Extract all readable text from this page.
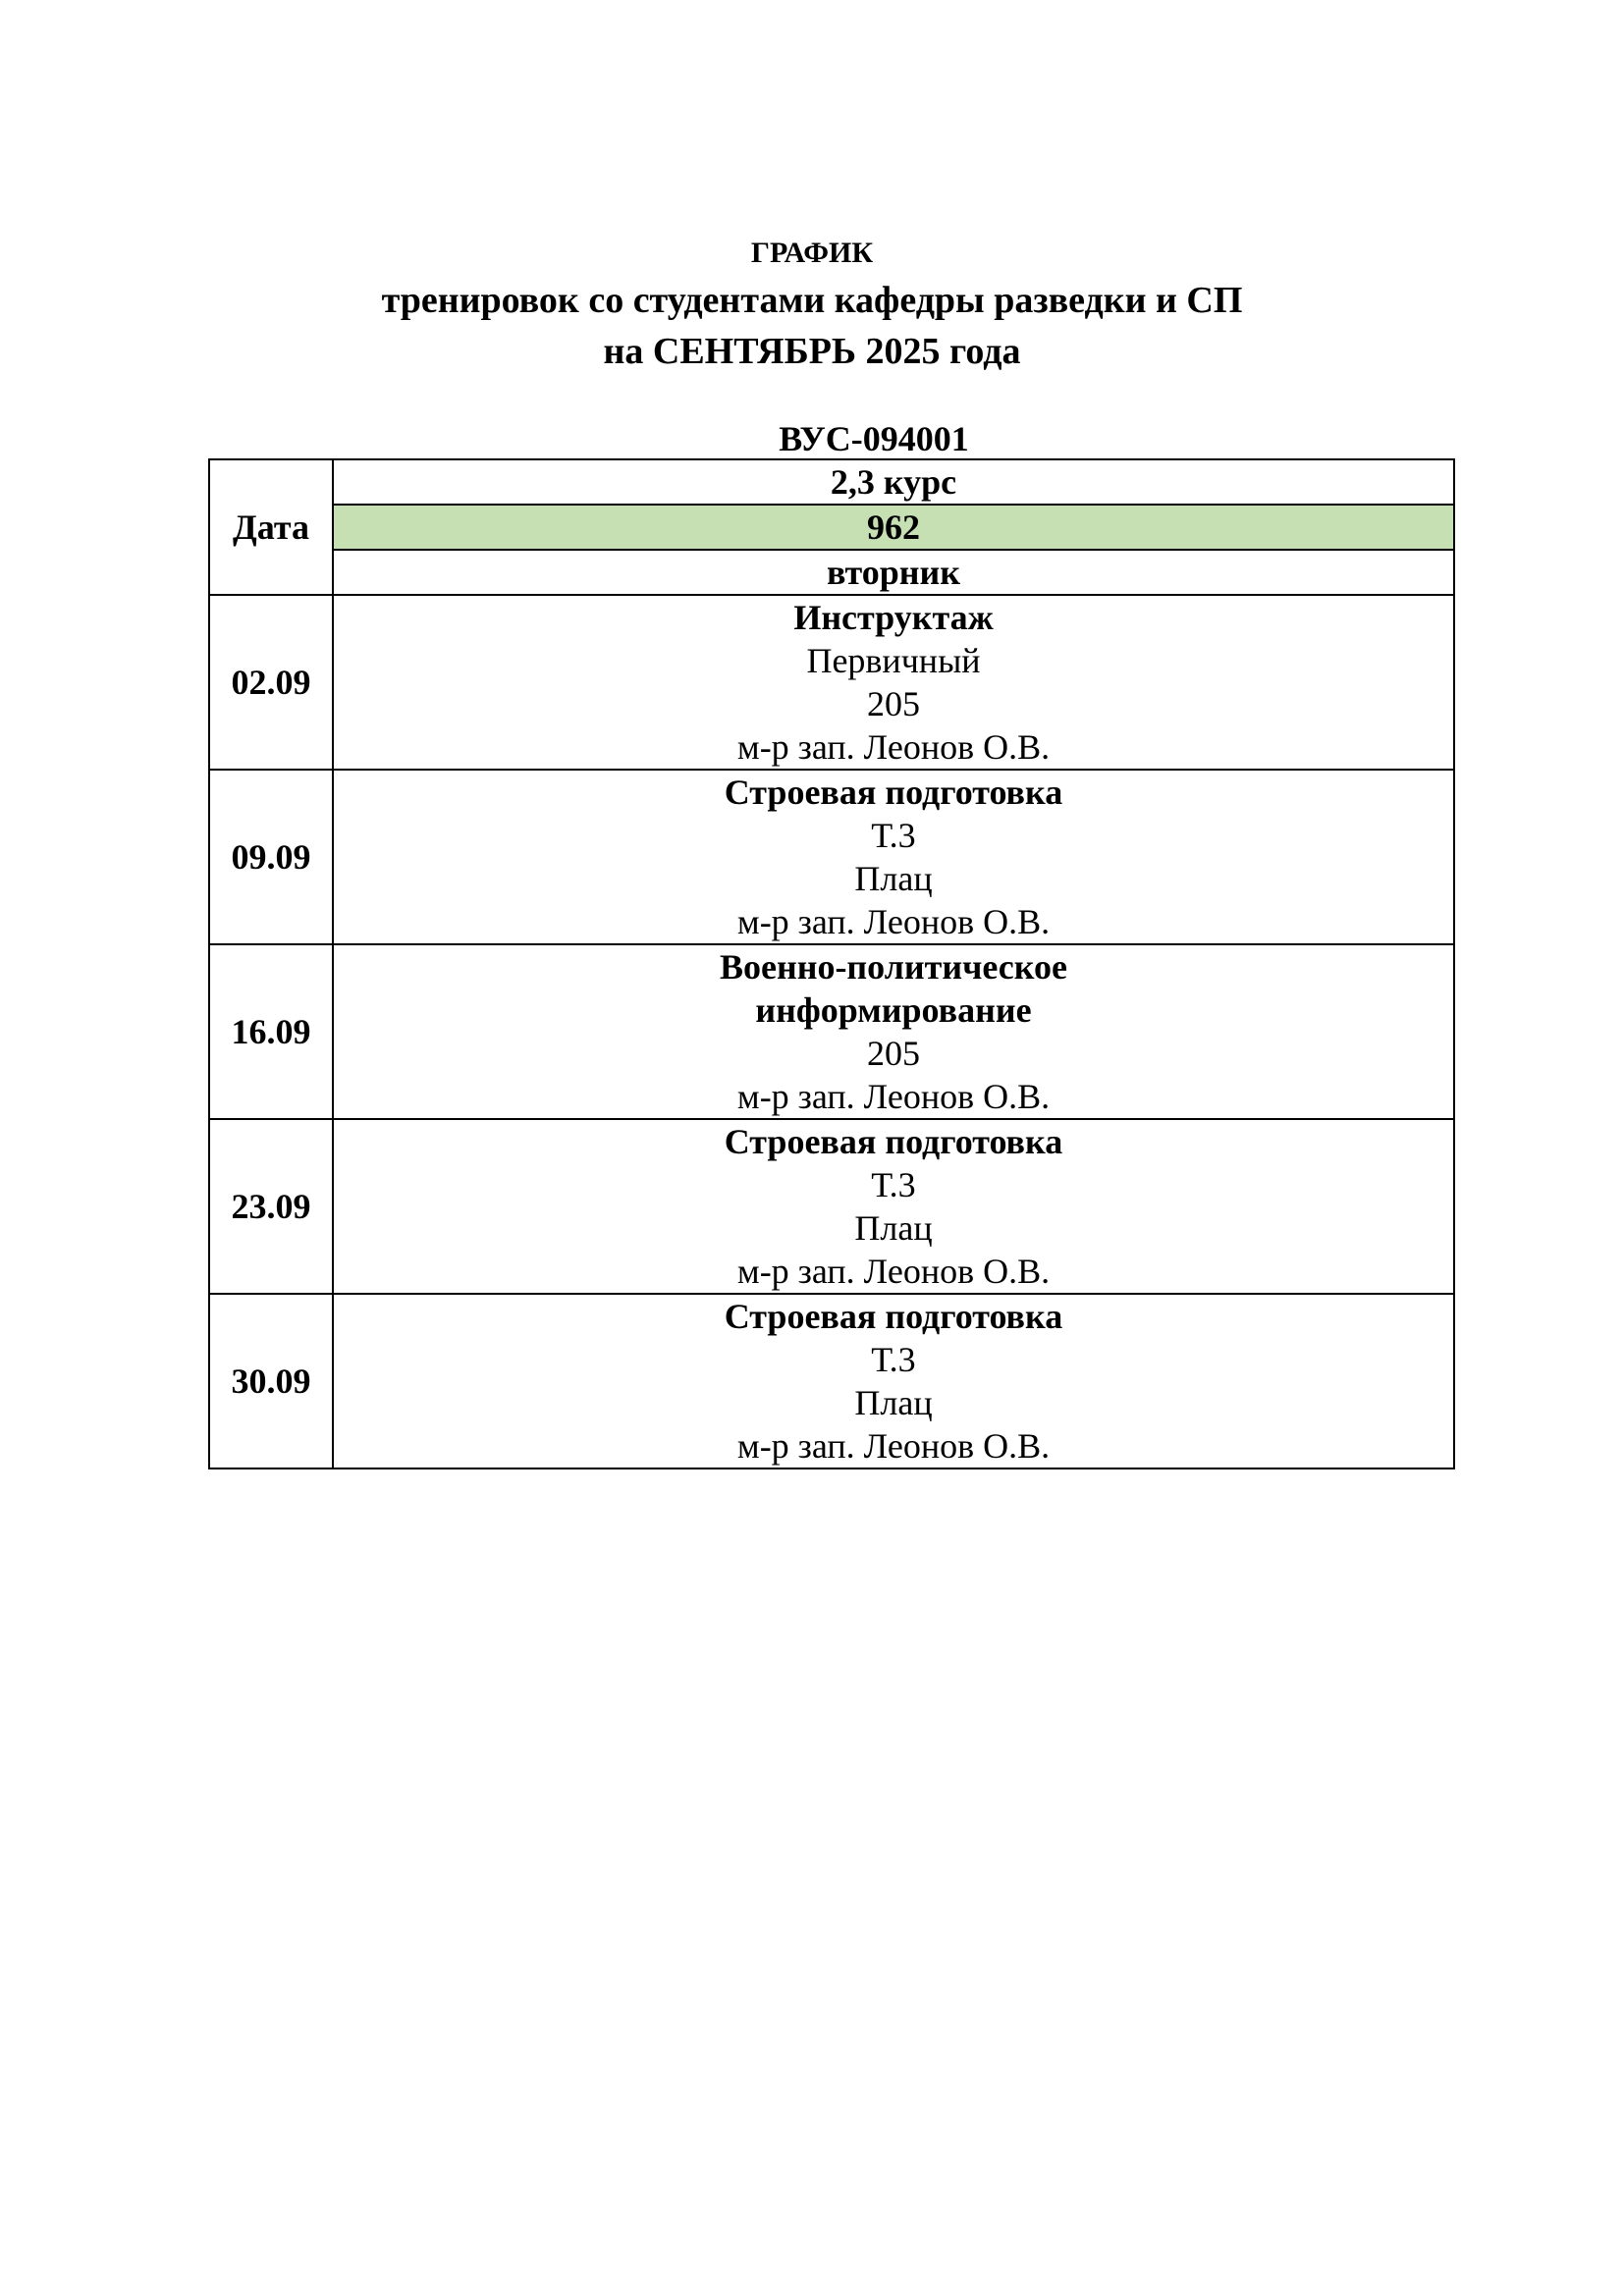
ГРАФИК
тренировок со студентами кафедры разведки и СП
на СЕНТЯБРЬ 2025 года
ВУС-094001
Дата	2,3 курс
	962
	вторник
02.09	Инструктаж
Первичный
205
м-р зап. Леонов О.В.

09.09	Строевая подготовка
Т.3
Плац
м-р зап. Леонов О.В.

16.09	Военно-политическое
информирование
205
м-р зап. Леонов О.В.

23.09	Строевая подготовка
Т.3
Плац
м-р зап. Леонов О.В.

30.09	Строевая подготовка
Т.3
Плац
м-р зап. Леонов О.В.
